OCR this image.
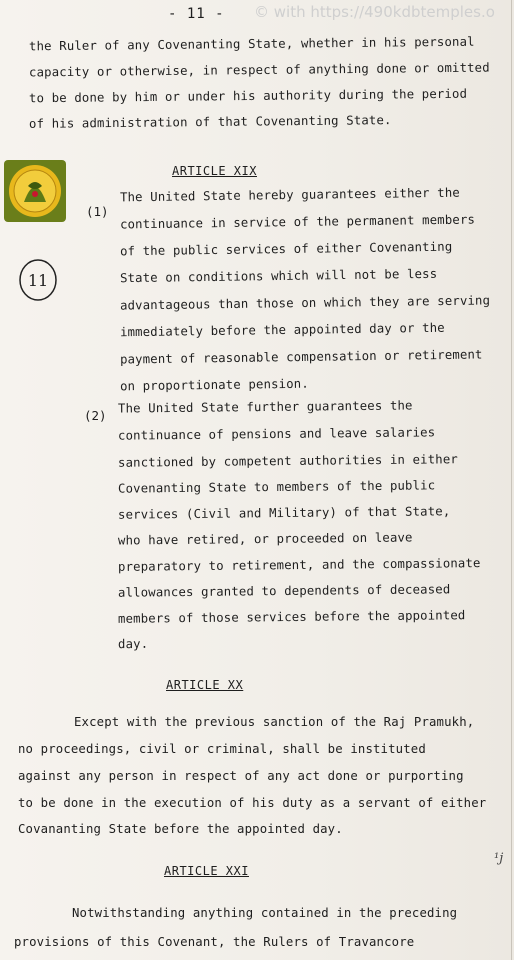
- 11 - © with https://490kdbtemples.o
the Ruler of any Covenanting State, whether in his personal
capacity or otherwise, in respect of anything done or omitted
to be done by him or under his authority during the period
of his administration of that Covenanting State.
ARTICLE XIX
(1)
The United State hereby guarantees either the
continuance in service of the permanent members
of the public services of either Covenanting
State on conditions which will not be less
advantageous than those on which they are serving
immediately before the appointed day or the
payment of reasonable compensation or retirement
on proportionate pension.
11
(2) The United State further guarantees the
continuance of pensions and leave salaries
sanctioned by competent authorities in either
Covenanting State to members of the public
services (Civil and Military) of that State,
who have retired, or proceeded on leave
preparatory to retirement, and the compassionate
allowances granted to dependents of deceased
members of those services before the appointed
day.
ARTICLE XX
Except with the previous sanction of the Raj Pramukh,
no proceedings, civil or criminal, shall be instituted
against any person in respect of any act done or purporting
to be done in the execution of his duty as a servant of either
Covananting State before the appointed day.
ARTICLE XXI
Notwithstanding anything contained in the preceding
provisions of this Covenant, the Rulers of Travancore
¹j
